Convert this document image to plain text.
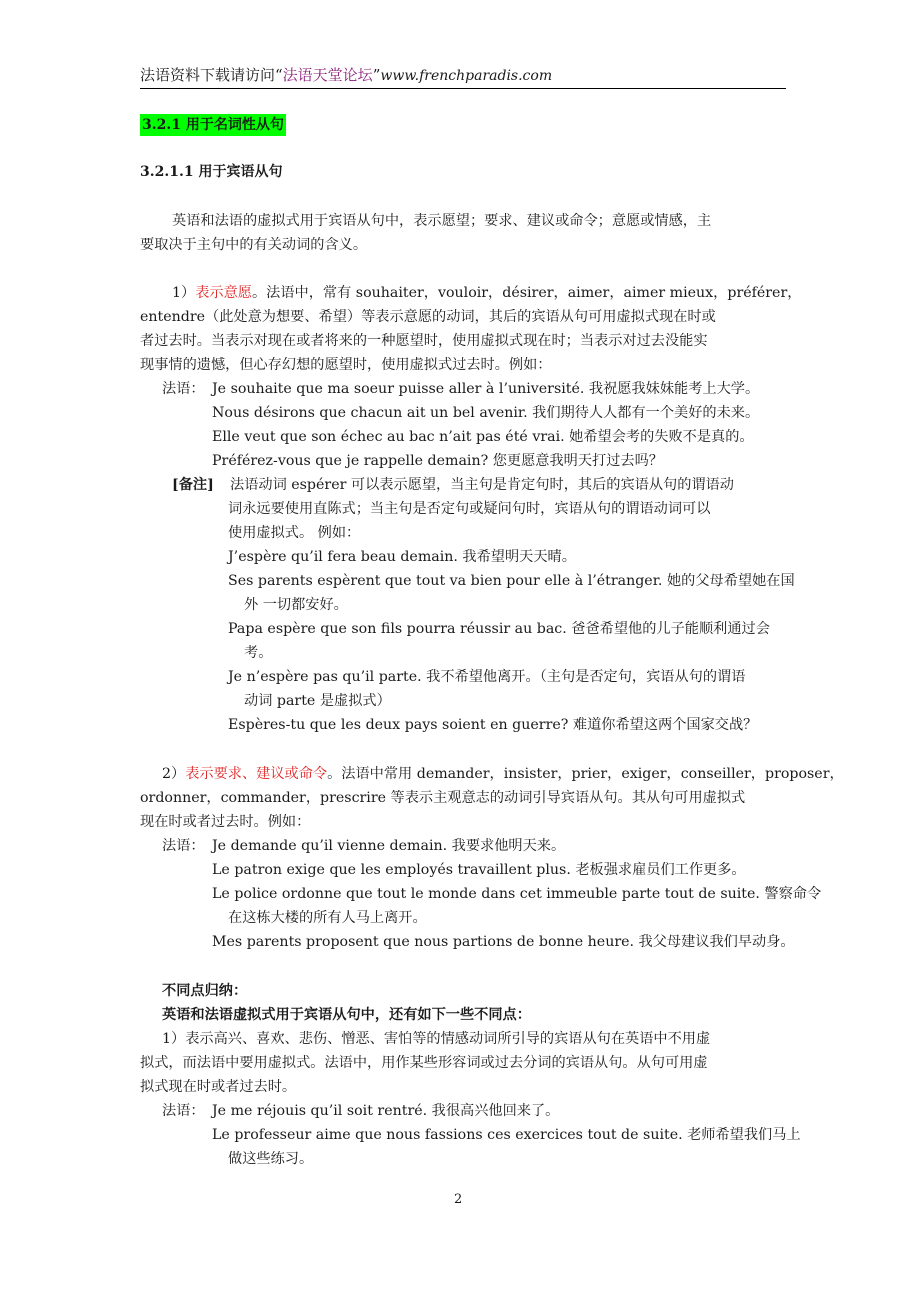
法语资料下载请访问“法语天堂论坛”www.frenchparadis.com
3.2.1 用于名词性从句
3.2.1.1 用于宾语从句
英语和法语的虚拟式用于宾语从句中，表示愿望；要求、建议或命令；意愿或情感，主
要取决于主句中的有关动词的含义。
1）表示意愿。法语中，常有 souhaiter，vouloir，désirer，aimer，aimer mieux，préférer，
entendre（此处意为想要、希望）等表示意愿的动词，其后的宾语从句可用虚拟式现在时或
者过去时。当表示对现在或者将来的一种愿望时，使用虚拟式现在时；当表示对过去没能实
现事情的遗憾，但心存幻想的愿望时，使用虚拟式过去时。例如：
法语： Je souhaite que ma soeur puisse aller à l’université. 我祝愿我妹妹能考上大学。
Nous désirons que chacun ait un bel avenir. 我们期待人人都有一个美好的未来。
Elle veut que son échec au bac n’ait pas été vrai. 她希望会考的失败不是真的。
Préférez-vous que je rappelle demain? 您更愿意我明天打过去吗？
[备注] 法语动词 espérer 可以表示愿望，当主句是肯定句时，其后的宾语从句的谓语动
词永远要使用直陈式；当主句是否定句或疑问句时，宾语从句的谓语动词可以
使用虚拟式。 例如：
J’espère qu’il fera beau demain. 我希望明天天晴。
Ses parents espèrent que tout va bien pour elle à l’étranger. 她的父母希望她在国
外 一切都安好。
Papa espère que son fils pourra réussir au bac. 爸爸希望他的儿子能顺利通过会
考。
Je n’espère pas qu’il parte. 我不希望他离开。（主句是否定句，宾语从句的谓语
动词 parte 是虚拟式）
Espères-tu que les deux pays soient en guerre? 难道你希望这两个国家交战？
2）表示要求、建议或命令。法语中常用 demander，insister，prier，exiger，conseiller，proposer，
ordonner，commander，prescrire 等表示主观意志的动词引导宾语从句。其从句可用虚拟式
现在时或者过去时。例如：
法语： Je demande qu’il vienne demain. 我要求他明天来。
Le patron exige que les employés travaillent plus. 老板强求雇员们工作更多。
Le police ordonne que tout le monde dans cet immeuble parte tout de suite. 警察命令
在这栋大楼的所有人马上离开。
Mes parents proposent que nous partions de bonne heure. 我父母建议我们早动身。
不同点归纳：
英语和法语虚拟式用于宾语从句中，还有如下一些不同点：
1）表示高兴、喜欢、悲伤、憎恶、害怕等的情感动词所引导的宾语从句在英语中不用虚
拟式，而法语中要用虚拟式。法语中，用作某些形容词或过去分词的宾语从句。从句可用虚
拟式现在时或者过去时。
法语： Je me réjouis qu’il soit rentré. 我很高兴他回来了。
Le professeur aime que nous fassions ces exercices tout de suite. 老师希望我们马上
做这些练习。
2
